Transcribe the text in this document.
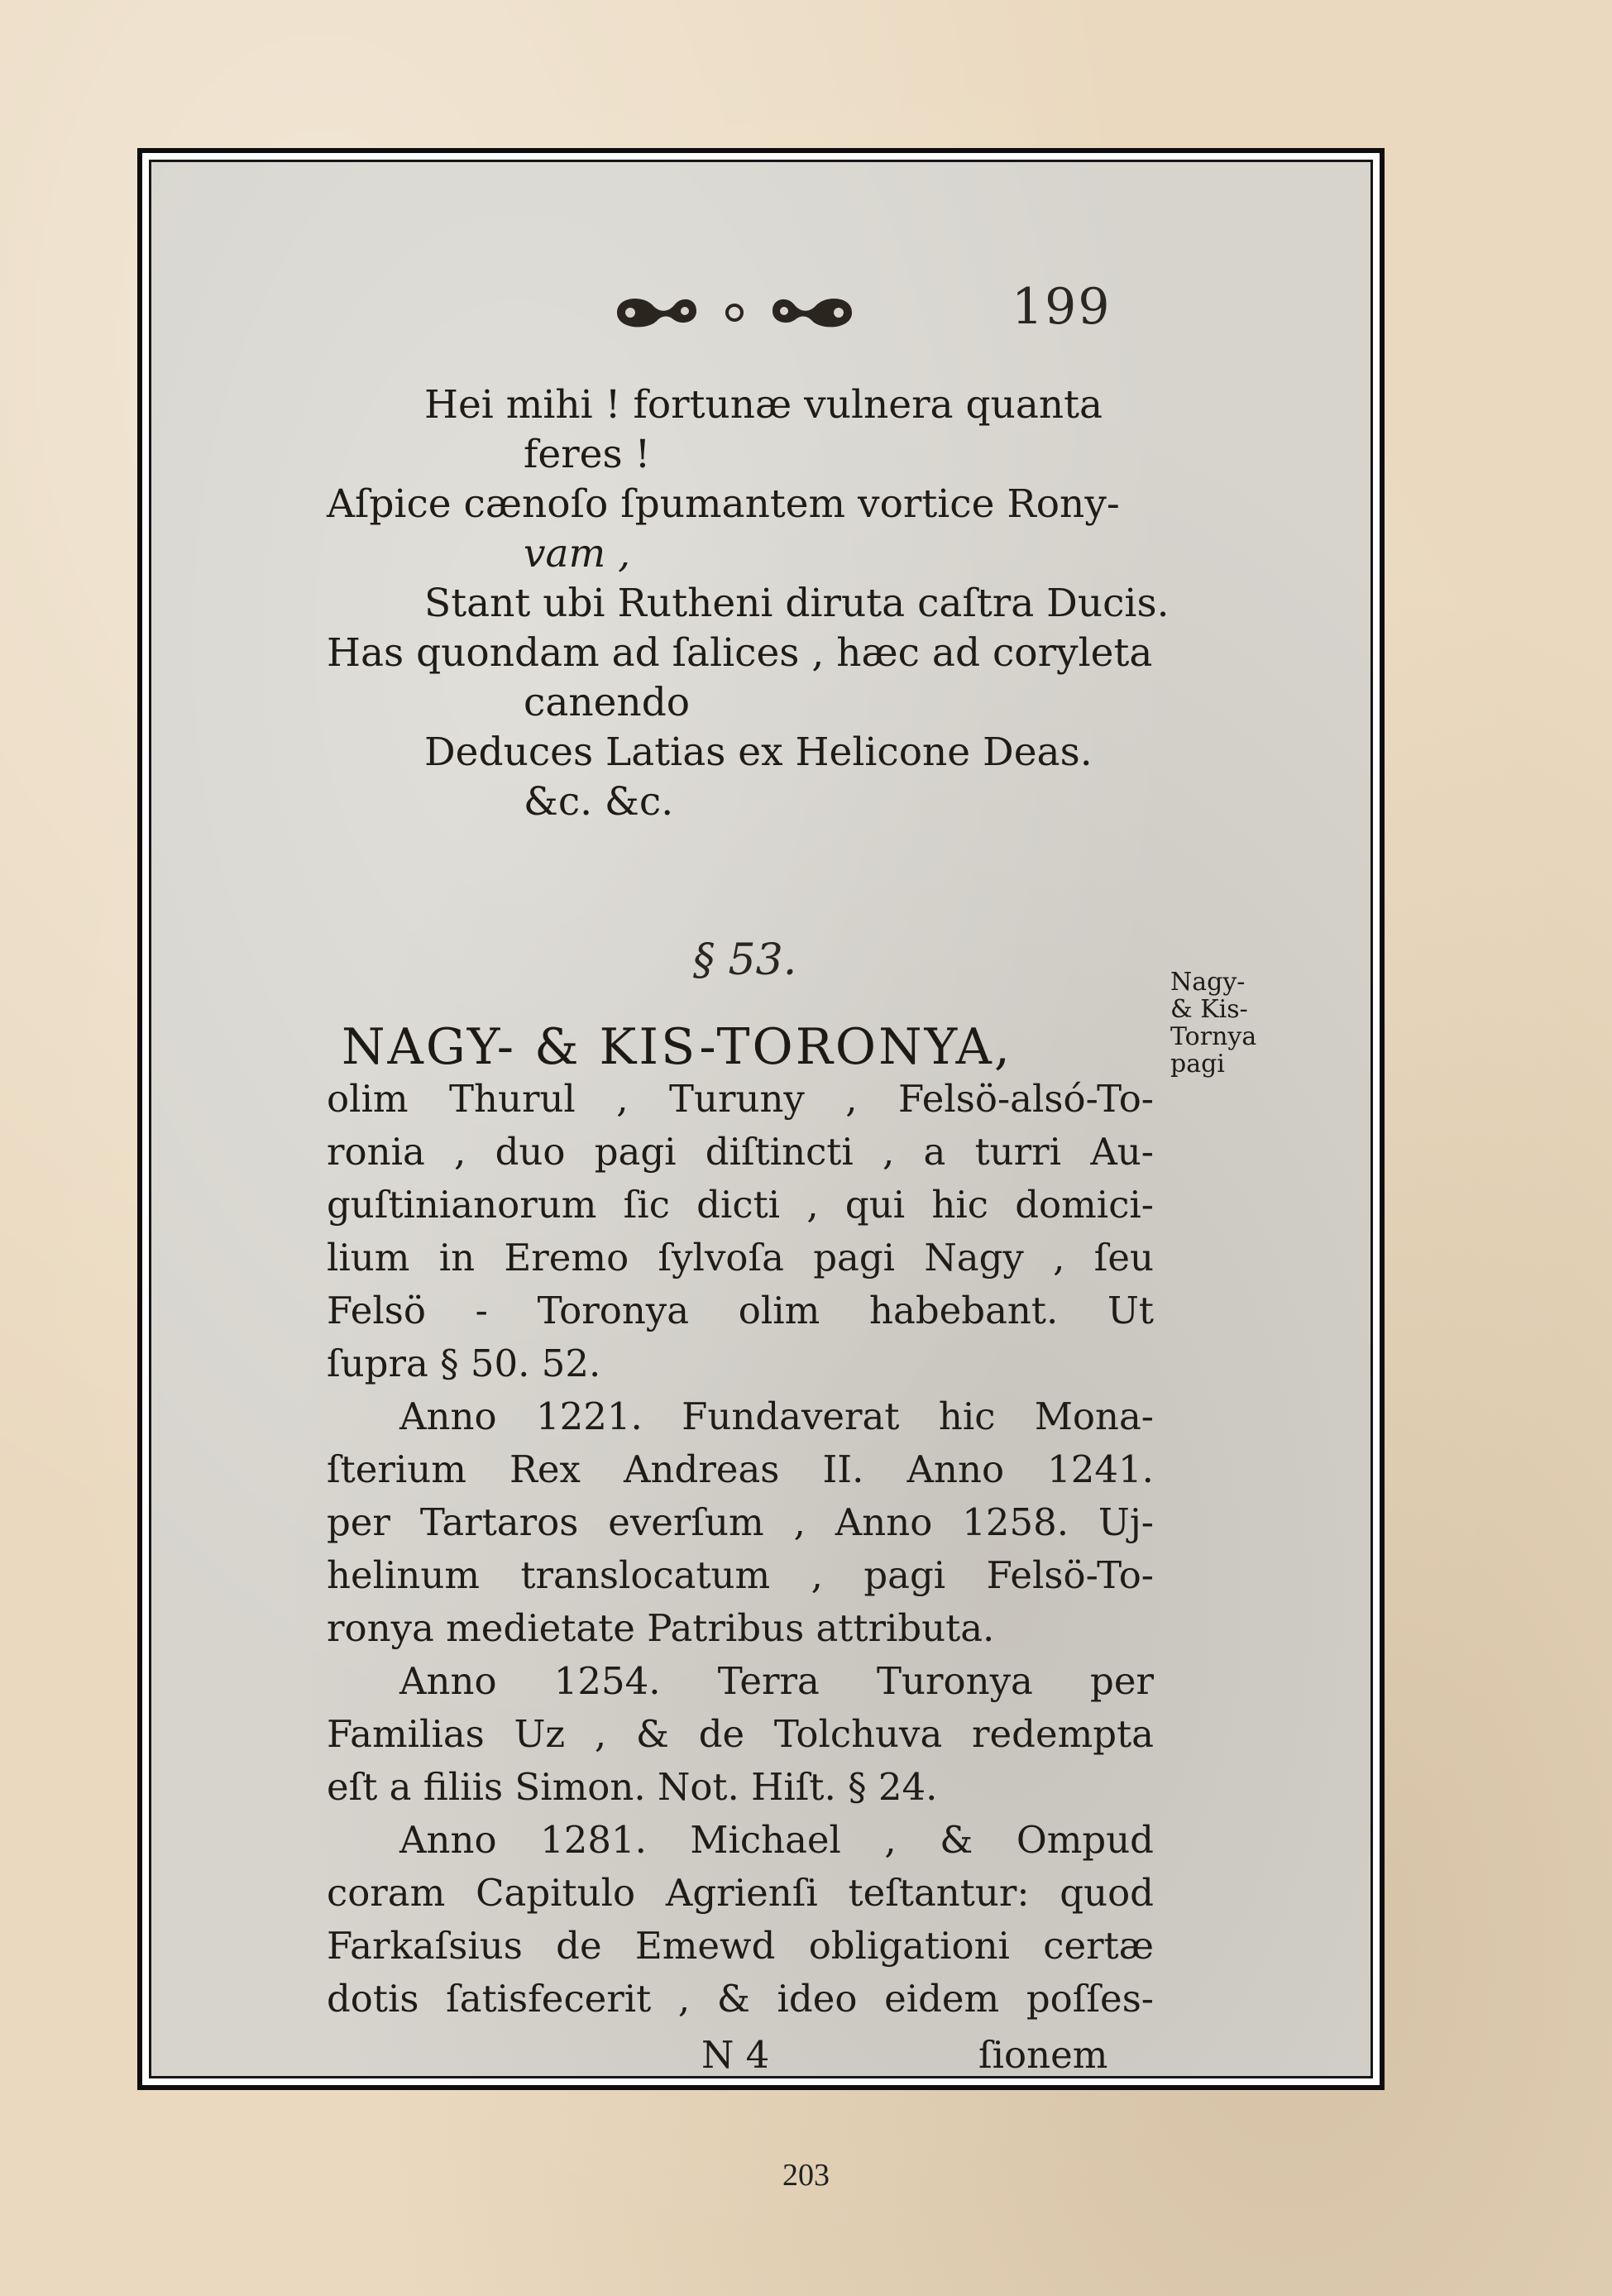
199
Hei mihi ! fortunæ vulnera quanta
feres !
Aſpice cænoſo ſpumantem vortice Rony-
vam ,
Stant ubi Rutheni diruta caſtra Ducis.
Has quondam ad ſalices , hæc ad coryleta
canendo
Deduces Latias ex Helicone Deas.
&c. &c.
§ 53.
NAGY- & KIS-TORONYA,
Nagy-
& Kis-
Tornya
pagi
olim Thurul , Turuny , Felsö-alsó-To-
ronia , duo pagi diſtincti , a turri Au-
guſtinianorum ſic dicti , qui hic domici-
lium in Eremo ſylvoſa pagi Nagy , ſeu
Felsö - Toronya olim habebant. Ut
ſupra § 50. 52.
Anno 1221. Fundaverat hic Mona-
ſterium Rex Andreas II. Anno 1241.
per Tartaros everſum , Anno 1258. Uj-
helinum translocatum , pagi Felsö-To-
ronya medietate Patribus attributa.
Anno 1254. Terra Turonya per
Familias Uz , & de Tolchuva redempta
eſt a filiis Simon. Not. Hiſt. § 24.
Anno 1281. Michael , & Ompud
coram Capitulo Agrienſi teſtantur: quod
Farkaſsius de Emewd obligationi certæ
dotis ſatisfecerit , & ideo eidem poſſes-
N 4	ſionem
203
